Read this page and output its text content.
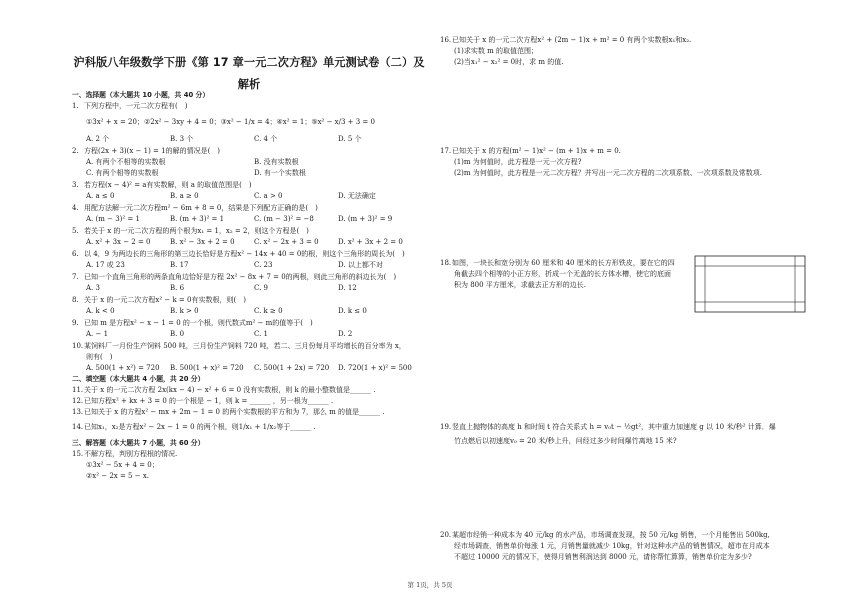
沪科版八年级数学下册《第 17 章一元二次方程》单元测试卷（二）及
解析
一、选择题（本大题共 10 小题，共 40 分）
1. 下列方程中，一元二次方程有(　)
①3x² + x = 20；②2x² − 3xy + 4 = 0；③x² − 1/x = 4；④x² = 1；⑤x² − x/3 + 3 = 0
A. 2 个	B. 3 个	C. 4 个	D. 5 个
2. 方程(2x + 3)(x − 1) = 1的解的情况是(　)
A. 有两个不相等的实数根	B. 没有实数根
C. 有两个相等的实数根	D. 有一个实数根
3. 若方程(x − 4)² = a有实数解，则 a 的取值范围是(　)
A. a ≤ 0	B. a ≥ 0	C. a > 0	D. 无法确定
4. 用配方法解一元二次方程m² − 6m + 8 = 0，结果是下列配方正确的是(　)
A. (m − 3)² = 1	B. (m + 3)² = 1	C. (m − 3)² = −8	D. (m + 3)² = 9
5. 若关于 x 的一元二次方程的两个根为x₁ = 1，x₂ = 2，则这个方程是(　)
A. x² + 3x − 2 = 0	B. x² − 3x + 2 = 0	C. x² − 2x + 3 = 0	D. x² + 3x + 2 = 0
6. 以 4，9 为两边长的三角形的第三边长恰好是方程x² − 14x + 40 = 0的根，则这个三角形的周长为(　)
A. 17 或 23	B. 17	C. 23	D. 以上都不对
7. 已知一个直角三角形的两条直角边恰好是方程 2x² − 8x + 7 = 0的两根，则此三角形的斜边长为(　)
A. 3	B. 6	C. 9	D. 12
8. 关于 x 的一元二次方程x² − k = 0有实数根，则(　)
A. k < 0	B. k > 0	C. k ≥ 0	D. k ≤ 0
9. 已知 m 是方程x² − x − 1 = 0 的一个根，则代数式m² − m的值等于(　)
A. − 1	B. 0	C. 1	D. 2
10.某饲料厂一月份生产饲料 500 吨，三月份生产饲料 720 吨，若二、三月份每月平均增长的百分率为 x，
则有(　)
A. 500(1 + x²) = 720 B. 500(1 + x)² = 720 C. 500(1 + 2x) = 720 D. 720(1 + x)² = 500
二、填空题（本大题共 4 小题，共 20 分）
11.关于 x 的一元二次方程 2x(kx − 4) − x² + 6 = 0 没有实数根，则 k 的最小整数值是______ .
12.已知方程x² + kx + 3 = 0 的一个根是 − 1，则 k = ______ ，另一根为______ .
13.已知关于 x 的方程x² − mx + 2m − 1 = 0 的两个实数根的平方和为 7，那么 m 的值是______ .
14.已知x₁，x₂是方程x² − 2x − 1 = 0 的两个根，则1/x₁ + 1/x₂等于______ .
三、解答题（本大题共 7 小题，共 60 分）
15.不解方程，判别方程根的情况.
①3x² − 5x + 4 = 0；
②x² − 2x = 5 − x.
16.已知关于 x 的一元二次方程x² + (2m − 1)x + m² = 0 有两个实数根x₁和x₂.
(1)求实数 m 的取值范围；
(2)当x₁² − x₂² = 0时，求 m 的值.
17.已知关于 x 的方程(m² − 1)x² − (m + 1)x + m = 0.
(1)m 为何值时，此方程是一元一次方程?
(2)m 为何值时，此方程是一元二次方程？并写出一元二次方程的二次项系数、一次项系数及常数项.
18.如图，一块长和宽分别为 60 厘米和 40 厘米的长方形铁皮，要在它的四
角截去四个相等的小正方形，折成一个无盖的长方体水槽，使它的底面
积为 800 平方厘米，求截去正方形的边长.
19.竖直上抛物体的高度 h 和时间 t 符合关系式 h = v₀t − ½gt²，其中重力加速度 g 以 10 米/秒² 计算．爆
竹点燃后以初速度v₀ = 20 米/秒上升，问经过多少时间爆竹离地 15 米?
20.某超市经销一种成本为 40 元/kg 的水产品，市场调查发现，按 50 元/kg 销售，一个月能售出 500kg,
经市场调查，销售单价每涨 1 元，月销售量就减少 10kg，针对这种水产品的销售情况，超市在月成本
不超过 10000 元的情况下，使得月销售利润达到 8000 元，请你帮忙算算，销售单价定为多少?
第 1页，共 5页
